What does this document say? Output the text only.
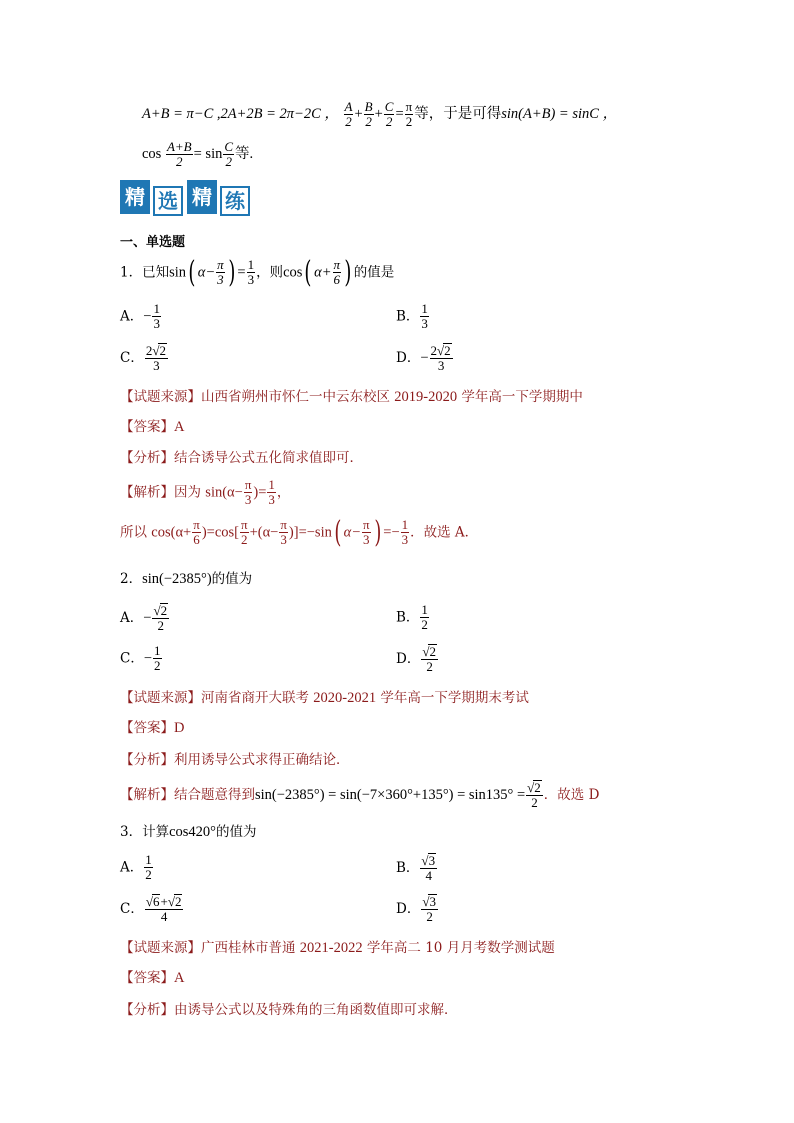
A+B = π−C ,2A+2B = 2π−2C ， $\frac{A}{2} + \frac{B}{2} + \frac{C}{2} = \frac{\pi}{2}$ 等，于是可得sin(A+B) = sinC ，
$\cos \frac{A+B}{2} = \sin \frac{C}{2}$ 等.
精 选 精 练
一、单选题
1．已知sin( $\alpha- \frac{\pi}{3}$ ) = $\frac{1}{3}$ ，则cos( $\alpha+ \frac{\pi}{6}$ ) 的值是
A．− $\frac{1}{3}$	B． $\frac{1}{3}$
C． $\frac{2√2}{3}$	D．− $\frac{2√2}{3}$
【试题来源】山西省朔州市怀仁一中云东校区 2019-2020 学年高一下学期期中
【答案】A
【分析】结合诱导公式五化简求值即可．
【解析】因为 $\sin(\alpha- \frac{\pi}{3}$ )= $\frac{1}{3}$ ，
所以 $\cos(\alpha+ \frac{\pi}{6} )=\cos[ \frac{\pi}{2} +(\alpha- \frac{\pi}{3} )]=-\sin$( $\alpha- \frac{\pi}{3}$ ) =− $\frac{1}{3}$ ．故选 A．
2．sin(−2385°)的值为
A．− $\frac{√2}{2}$	B． $\frac{1}{2}$
C．− $\frac{1}{2}$	D． $\frac{√2}{2}$
【试题来源】河南省商开大联考 2020-2021 学年高一下学期期末考试
【答案】D
【分析】利用诱导公式求得正确结论．
【解析】结合题意得到$\sin(-2385^\circ) = \sin(-7\times 360^\circ+135^\circ) = \sin 135^\circ = \frac{√2}{2}$ ．故选 D
3．计算cos420°的值为
A． $\frac{1}{2}$	B． $\frac{√3}{4}$
C． $\frac{√6+√2}{4}$	D． $\frac{√3}{2}$
【试题来源】广西桂林市普通 2021-2022 学年高二 10 月月考数学测试题
【答案】A
【分析】由诱导公式以及特殊角的三角函数值即可求解．
